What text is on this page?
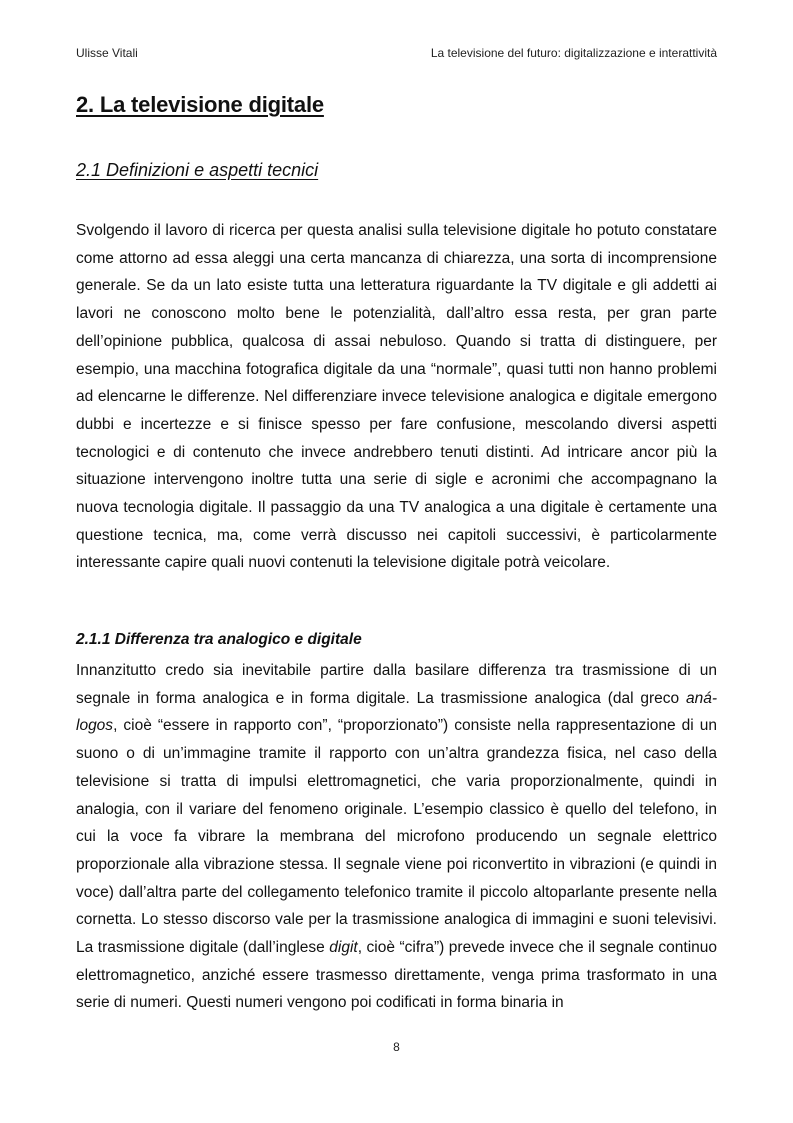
Ulisse Vitali	La televisione del futuro: digitalizzazione e interattività
2. La televisione digitale
2.1 Definizioni e aspetti tecnici

Svolgendo il lavoro di ricerca per questa analisi sulla televisione digitale ho potuto constatare come attorno ad essa aleggi una certa mancanza di chiarezza, una sorta di incomprensione generale. Se da un lato esiste tutta una letteratura riguardante la TV digitale e gli addetti ai lavori ne conoscono molto bene le potenzialità, dall’altro essa resta, per gran parte dell’opinione pubblica, qualcosa di assai nebuloso. Quando si tratta di distinguere, per esempio, una macchina fotografica digitale da una “normale”, quasi tutti non hanno problemi ad elencarne le differenze. Nel differenziare invece televisione analogica e digitale emergono dubbi e incertezze e si finisce spesso per fare confusione, mescolando diversi aspetti tecnologici e di contenuto che invece andrebbero tenuti distinti. Ad intricare ancor più la situazione intervengono inoltre tutta una serie di sigle e acronimi che accompagnano la nuova tecnologia digitale. Il passaggio da una TV analogica a una digitale è certamente una questione tecnica, ma, come verrà discusso nei capitoli successivi, è particolarmente interessante capire quali nuovi contenuti la televisione digitale potrà veicolare.

2.1.1 Differenza tra analogico e digitale

Innanzitutto credo sia inevitabile partire dalla basilare differenza tra trasmissione di un segnale in forma analogica e in forma digitale. La trasmissione analogica (dal greco aná-logos, cioè “essere in rapporto con”, “proporzionato”) consiste nella rappresentazione di un suono o di un’immagine tramite il rapporto con un’altra grandezza fisica, nel caso della televisione si tratta di impulsi elettromagnetici, che varia proporzionalmente, quindi in analogia, con il variare del fenomeno originale. L’esempio classico è quello del telefono, in cui la voce fa vibrare la membrana del microfono producendo un segnale elettrico proporzionale alla vibrazione stessa. Il segnale viene poi riconvertito in vibrazioni (e quindi in voce) dall’altra parte del collegamento telefonico tramite il piccolo altoparlante presente nella cornetta. Lo stesso discorso vale per la trasmissione analogica di immagini e suoni televisivi. La trasmissione digitale (dall’inglese digit, cioè “cifra”) prevede invece che il segnale continuo elettromagnetico, anziché essere trasmesso direttamente, venga prima trasformato in una serie di numeri. Questi numeri vengono poi codificati in forma binaria in

8
